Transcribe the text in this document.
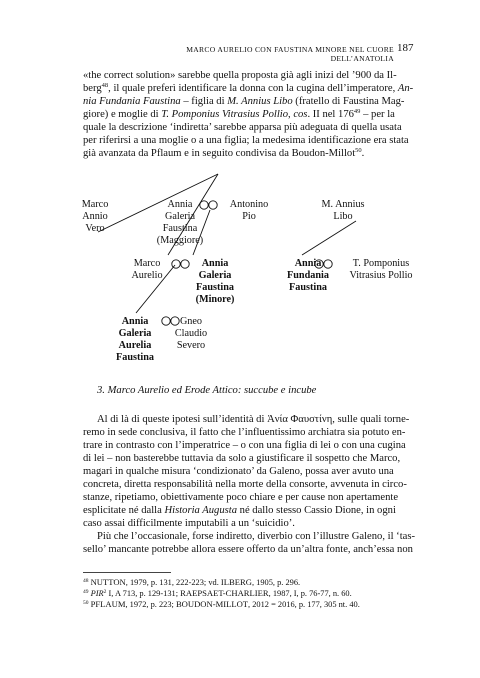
MARCO AURELIO CON FAUSTINA MINORE NEL CUORE DELL’ANATOLIA
187
«the correct solution» sarebbe quella proposta già agli inizi del ’900 da Il-
berg$^{48}$, il quale preferì identificare la donna con la cugina dell’imperatore, An-
nia Fundania Faustina – figlia di M. Annius Libo (fratello di Faustina Mag-
giore) e moglie di T. Pomponius Vitrasius Pollio, cos. II nel $176^{49}$ – per la
quale la descrizione ‘indiretta’ sarebbe apparsa più adeguata di quella usata
per riferirsi a una moglie o a una figlia; la medesima identificazione era stata
già avanzata da Pflaum e in seguito condivisa da Boudon-Millot$^{50}$.
Marco
Annio
Vero
Annia
Galeria
Faustina
(Maggiore)
Antonino
Pio
M. Annius
Libo
Marco
Aurelio
Annia
Galeria
Faustina
(Minore)
Annia
Fundania
Faustina
T. Pomponius
Vitrasius Pollio
Annia
Galeria
Aurelia
Faustina
Gneo
Claudio
Severo
3. Marco Aurelio ed Erode Attico: succube e incube
Al di là di queste ipotesi sull’identità di Ἀνία Φαυστίνη, sulle quali torne-
remo in sede conclusiva, il fatto che l’influentissimo archiatra sia potuto en-
trare in contrasto con l’imperatrice – o con una figlia di lei o con una cugina
di lei – non basterebbe tuttavia da solo a giustificare il sospetto che Marco,
magari in qualche misura ‘condizionato’ da Galeno, possa aver avuto una
concreta, diretta responsabilità nella morte della consorte, avvenuta in circo-
stanze, ripetiamo, obiettivamente poco chiare e per cause non apertamente
esplicitate né dalla Historia Augusta né dallo stesso Cassio Dione, in ogni
caso assai difficilmente imputabili a un ‘suicidio’.
Più che l’occasionale, forse indiretto, diverbio con l’illustre Galeno, il ‘tas-
sello’ mancante potrebbe allora essere offerto da un’altra fonte, anch’essa non
$^{48}$ NUTTON, 1979, p. 131, 222-223; vd. ILBERG, 1905, p. 296.
$^{49}$ PIR$^2$ I, A 713, p. 129-131; RAEPSAET-CHARLIER, 1987, I, p. 76-77, n. 60.
$^{50}$ PFLAUM, 1972, p. 223; BOUDON-MILLOT, 2012 = 2016, p. 177, 305 nt. 40.
